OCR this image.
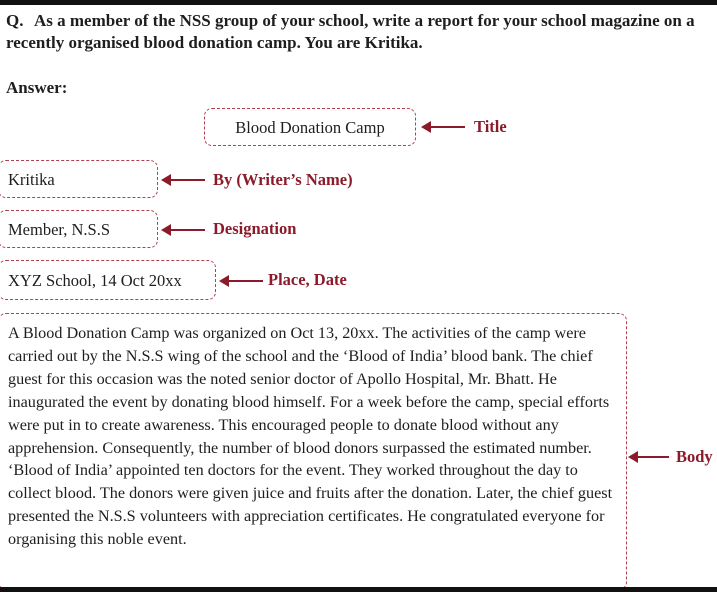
Q. As a member of the NSS group of your school, write a report for your school magazine on a recently organised blood donation camp. You are Kritika.
Answer:
Blood Donation Camp	Title
Kritika	By (Writer’s Name)
Member, N.S.S	Designation
XYZ School, 14 Oct 20xx	Place, Date

A Blood Donation Camp was organized on Oct 13, 20xx. The activities of the camp were carried out by the N.S.S wing of the school and the ‘Blood of India’ blood bank. The chief guest for this occasion was the noted senior doctor of Apollo Hospital, Mr. Bhatt. He inaugurated the event by donating blood himself. For a week before the camp, special efforts were put in to create awareness. This encouraged people to donate blood without any apprehension. Consequently, the number of blood donors surpassed the estimated number. ‘Blood of India’ appointed ten doctors for the event. They worked throughout the day to collect blood. The donors were given juice and fruits after the donation. Later, the chief guest presented the N.S.S volunteers with appreciation certificates. He congratulated everyone for organising this noble event.

Body
